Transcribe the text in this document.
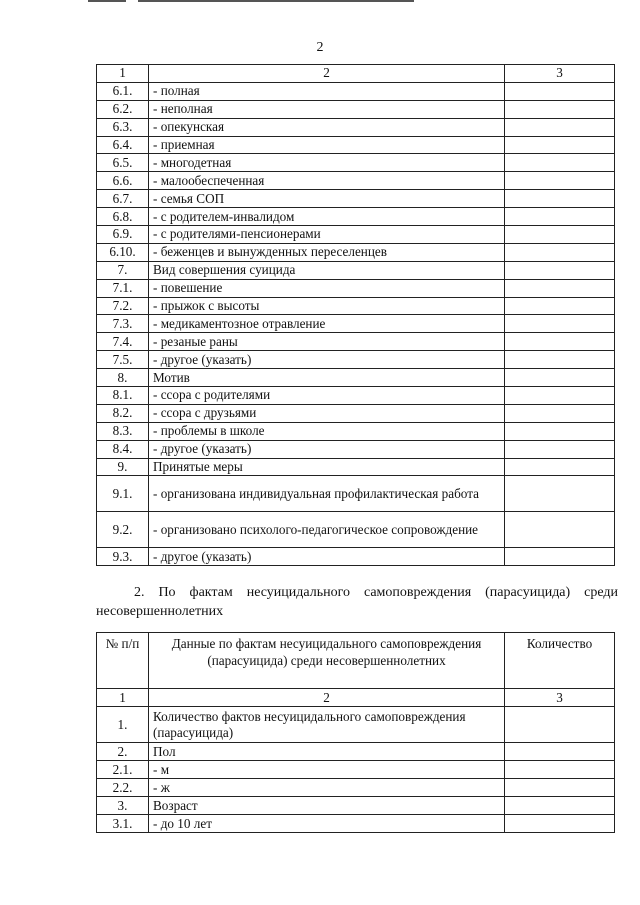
2
1	2	3
6.1.	- полная	
6.2.	- неполная	
6.3.	- опекунская	
6.4.	- приемная	
6.5.	- многодетная	
6.6.	- малообеспеченная	
6.7.	- семья СОП	
6.8.	- с родителем-инвалидом	
6.9.	- с родителями-пенсионерами	
6.10.	- беженцев и вынужденных переселенцев	
7.	Вид совершения суицида	
7.1.	- повешение	
7.2.	- прыжок с высоты	
7.3.	- медикаментозное отравление	
7.4.	- резаные раны	
7.5.	- другое (указать)	
8.	Мотив	
8.1.	- ссора с родителями	
8.2.	- ссора с друзьями	
8.3.	- проблемы в школе	
8.4.	- другое (указать)	
9.	Принятые меры	
9.1.	- организована индивидуальная профилактическая работа	
9.2.	- организовано психолого-педагогическое сопровождение	
9.3.	- другое (указать)	
2. По фактам несуицидального самоповреждения (парасуицида) среди несовершеннолетних
№ п/п	Данные по фактам несуицидального самоповреждения (парасуицида) среди несовершеннолетних	Количество
1	2	3
1.	Количество фактов несуицидального самоповреждения (парасуицида)	
2.	Пол	
2.1.	- м	
2.2.	- ж	
3.	Возраст	
3.1.	- до 10 лет	
